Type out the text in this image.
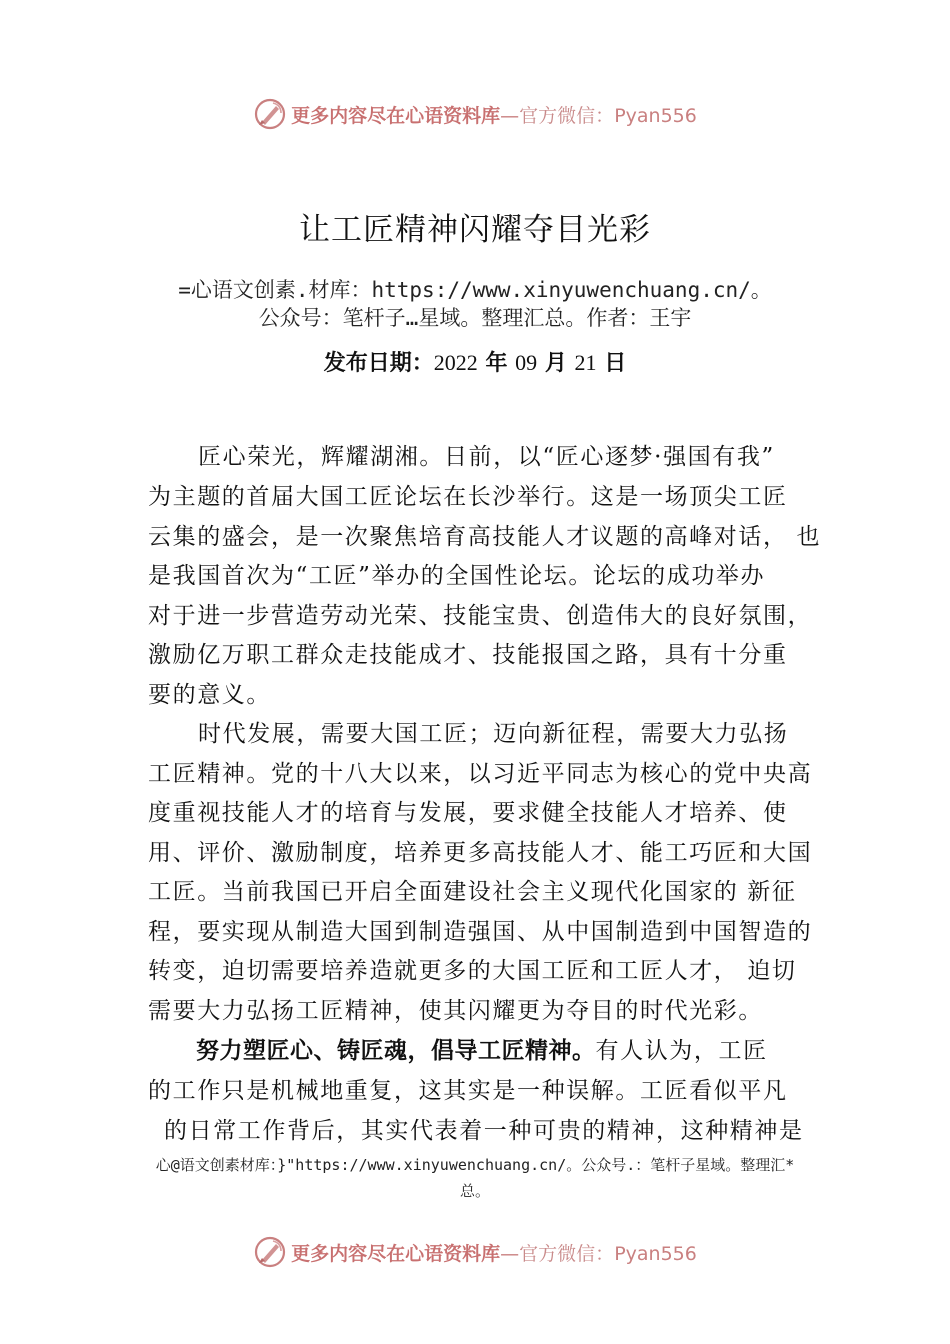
更多内容尽在心语资料库—官方微信：Pyan556
让工匠精神闪耀夺目光彩
=心语文创素.材库：https://www.xinyuwenchuang.cn/。
公众号：笔杆子…星域。整理汇总。作者：王宇
发布日期：2022 年 09 月 21 日
匠心荣光，辉耀湖湘。日前，以“匠心逐梦·强国有我”
为主题的首届大国工匠论坛在长沙举行。这是一场顶尖工匠
云集的盛会，是一次聚焦培育高技能人才议题的高峰对话， 也
是我国首次为“工匠”举办的全国性论坛。论坛的成功举办
对于进一步营造劳动光荣、技能宝贵、创造伟大的良好氛围，
激励亿万职工群众走技能成才、技能报国之路，具有十分重
要的意义。
时代发展，需要大国工匠；迈向新征程，需要大力弘扬
工匠精神。党的十八大以来，以习近平同志为核心的党中央高
度重视技能人才的培育与发展，要求健全技能人才培养、使
用、评价、激励制度，培养更多高技能人才、能工巧匠和大国
工匠。当前我国已开启全面建设社会主义现代化国家的 新征
程，要实现从制造大国到制造强国、从中国制造到中国智造的
转变，迫切需要培养造就更多的大国工匠和工匠人才， 迫切
需要大力弘扬工匠精神，使其闪耀更为夺目的时代光彩。
努力塑匠心、铸匠魂，倡导工匠精神。有人认为，工匠
的工作只是机械地重复，这其实是一种误解。工匠看似平凡
的日常工作背后，其实代表着一种可贵的精神，这种精神是
心@语文创素材库：}"https://www.xinyuwenchuang.cn/。公众号.：笔杆子星域。整理汇*
总。
更多内容尽在心语资料库—官方微信：Pyan556
